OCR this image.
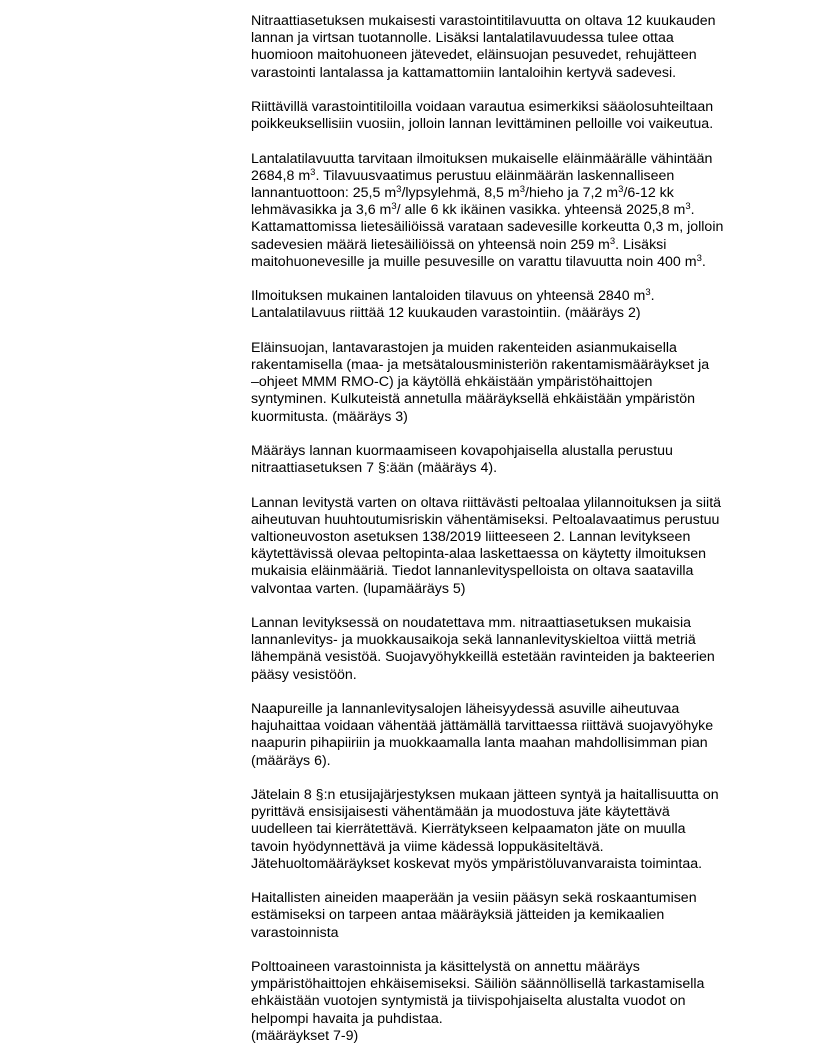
Nitraattiasetuksen mukaisesti varastointitilavuutta on oltava 12 kuukauden
lannan ja virtsan tuotannolle. Lisäksi lantalatilavuudessa tulee ottaa
huomioon maitohuoneen jätevedet, eläinsuojan pesuvedet, rehujätteen
varastointi lantalassa ja kattamattomiin lantaloihin kertyvä sadevesi.

Riittävillä varastointitiloilla voidaan varautua esimerkiksi sääolosuhteiltaan
poikkeuksellisiin vuosiin, jolloin lannan levittäminen pelloille voi vaikeutua.

Lantalatilavuutta tarvitaan ilmoituksen mukaiselle eläinmäärälle vähintään
2684,8 $m^3$. Tilavuusvaatimus perustuu eläinmäärän laskennalliseen
lannantuottoon: 25,5 $m^3$/lypsylehmä, 8,5 $m^3$/hieho ja 7,2 $m^3/6-12$ kk
lehmävasikka ja 3,6 $m^3/$ alle 6 kk ikäinen vasikka. yhteensä 2025,8 $m^3$.
Kattamattomissa lietesäiliöissä varataan sadevesille korkeutta 0,3 m, jolloin
sadevesien määrä lietesäiliöissä on yhteensä noin 259 $m^3$. Lisäksi
maitohuonevesille ja muille pesuvesille on varattu tilavuutta noin 400 $m^3$.

Ilmoituksen mukainen lantaloiden tilavuus on yhteensä 2840 $m^3$.
Lantalatilavuus riittää 12 kuukauden varastointiin. (määräys 2)

Eläinsuojan, lantavarastojen ja muiden rakenteiden asianmukaisella
rakentamisella (maa- ja metsätalousministeriön rakentamismääräykset ja
–ohjeet MMM RMO-C) ja käytöllä ehkäistään ympäristöhaittojen
syntyminen. Kulkuteistä annetulla määräyksellä ehkäistään ympäristön
kuormitusta. (määräys 3)

Määräys lannan kuormaamiseen kovapohjaisella alustalla perustuu
nitraattiasetuksen 7 §:ään (määräys 4).

Lannan levitystä varten on oltava riittävästi peltoalaa ylilannoituksen ja siitä
aiheutuvan huuhtoutumisriskin vähentämiseksi. Peltoalavaatimus perustuu
valtioneuvoston asetuksen 138/2019 liitteeseen 2. Lannan levitykseen
käytettävissä olevaa peltopinta-alaa laskettaessa on käytetty ilmoituksen
mukaisia eläinmääriä. Tiedot lannanlevityspelloista on oltava saatavilla
valvontaa varten. (lupamääräys 5)

Lannan levityksessä on noudatettava mm. nitraattiasetuksen mukaisia
lannanlevitys- ja muokkausaikoja sekä lannanlevityskieltoa viittä metriä
lähempänä vesistöä. Suojavyöhykkeillä estetään ravinteiden ja bakteerien
pääsy vesistöön.

Naapureille ja lannanlevitysalojen läheisyydessä asuville aiheutuvaa
hajuhaittaa voidaan vähentää jättämällä tarvittaessa riittävä suojavyöhyke
naapurin pihapiiriin ja muokkaamalla lanta maahan mahdollisimman pian
(määräys 6).

Jätelain 8 §:n etusijajärjestyksen mukaan jätteen syntyä ja haitallisuutta on
pyrittävä ensisijaisesti vähentämään ja muodostuva jäte käytettävä
uudelleen tai kierrätettävä. Kierrätykseen kelpaamaton jäte on muulla
tavoin hyödynnettävä ja viime kädessä loppukäsiteltävä.
Jätehuoltomääräykset koskevat myös ympäristöluvanvaraista toimintaa.

Haitallisten aineiden maaperään ja vesiin pääsyn sekä roskaantumisen
estämiseksi on tarpeen antaa määräyksiä jätteiden ja kemikaalien
varastoinnista

Polttoaineen varastoinnista ja käsittelystä on annettu määräys
ympäristöhaittojen ehkäisemiseksi. Säiliön säännöllisellä tarkastamisella
ehkäistään vuotojen syntymistä ja tiivispohjaiselta alustalta vuodot on
helpompi havaita ja puhdistaa.
(määräykset 7-9)
